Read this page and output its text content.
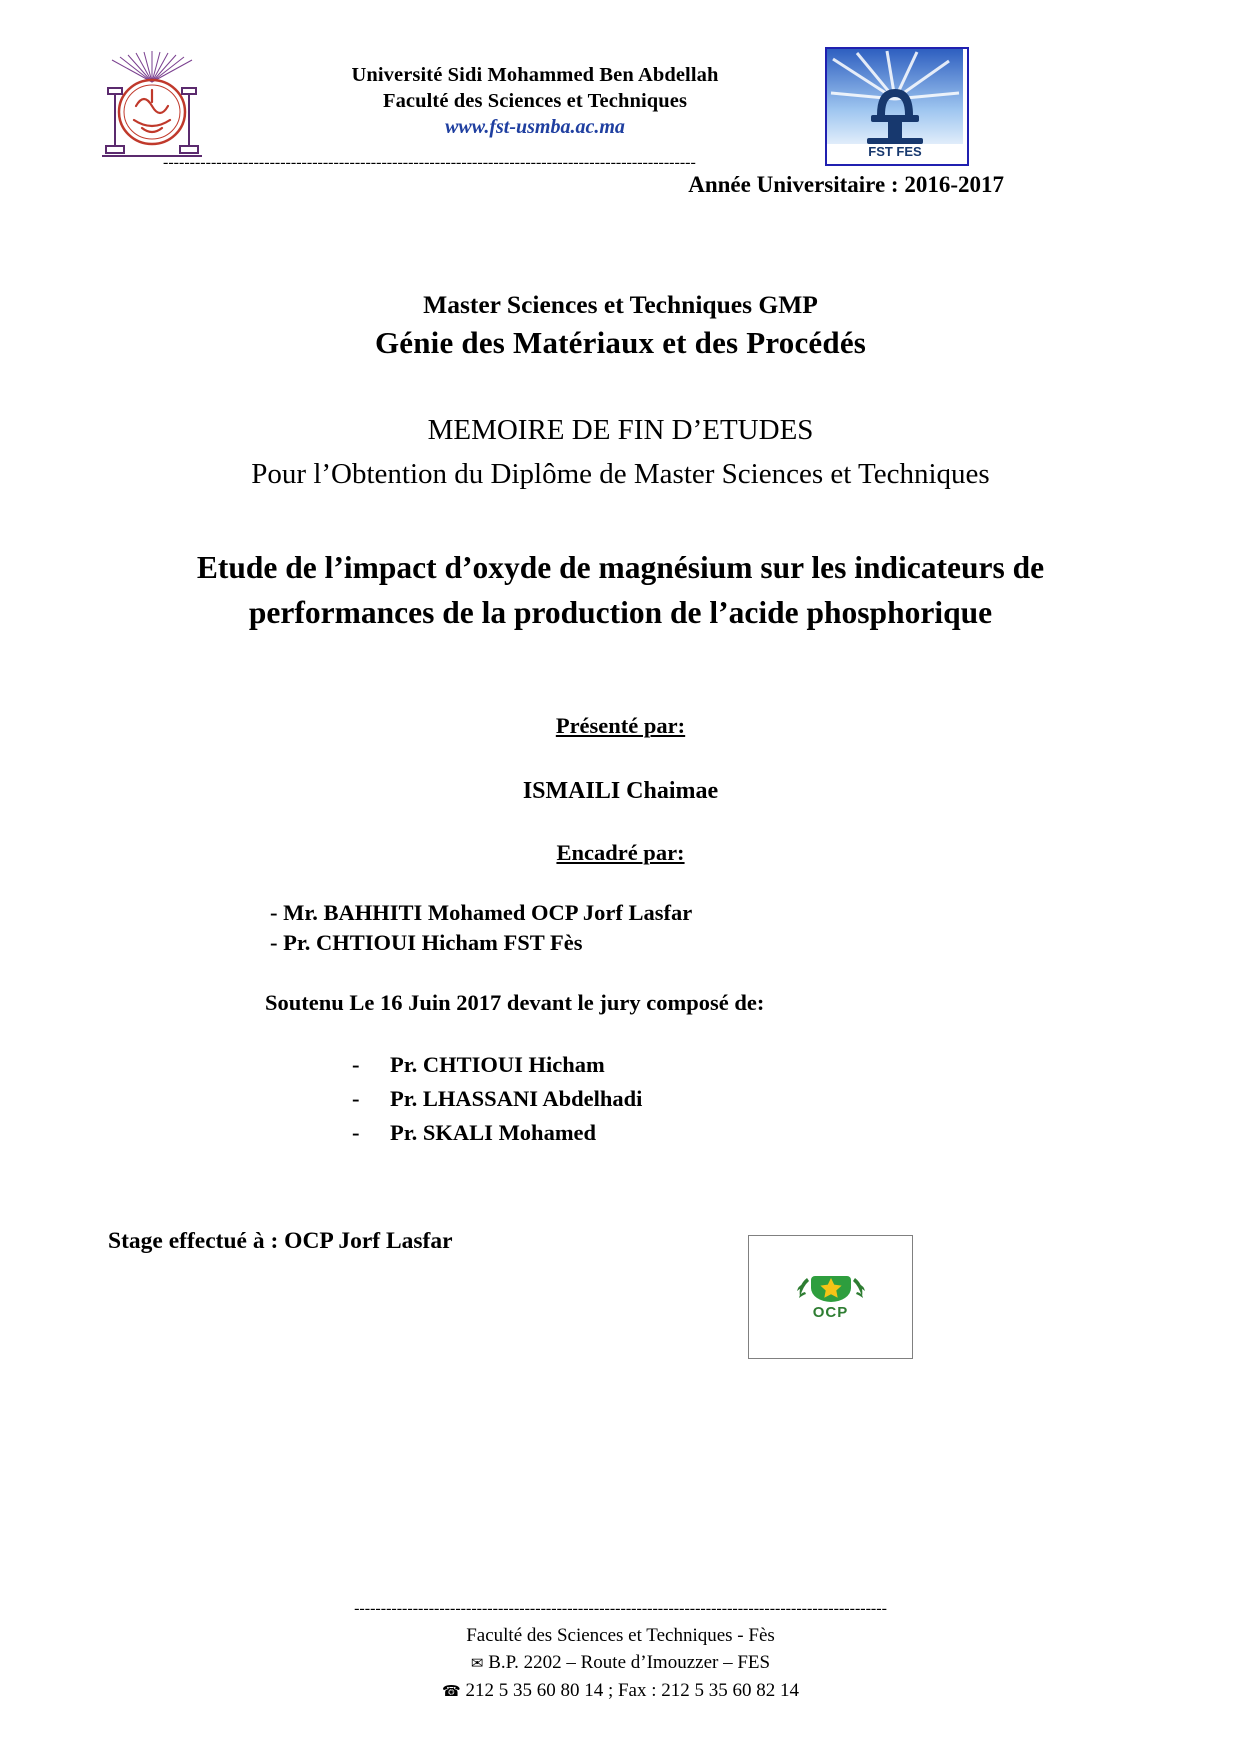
Université Sidi Mohammed Ben Abdellah
Faculté des Sciences et Techniques
www.fst-usmba.ac.ma
FST FES
----------------------------------------------------------------------------------------------------
Année Universitaire : 2016-2017
Master Sciences et Techniques GMP
Génie des Matériaux et des Procédés
MEMOIRE DE FIN D’ETUDES
Pour l’Obtention du Diplôme de Master Sciences et Techniques
Etude de l’impact d’oxyde de magnésium sur les indicateurs de performances de la production de l’acide phosphorique
Présenté par:
ISMAILI Chaimae
Encadré par:
- Mr. BAHHITI Mohamed OCP Jorf Lasfar
- Pr. CHTIOUI Hicham FST Fès
Soutenu Le 16 Juin 2017 devant le jury composé de:
-	Pr. CHTIOUI Hicham
-	Pr. LHASSANI Abdelhadi
-	Pr. SKALI Mohamed
Stage effectué à : OCP Jorf Lasfar
OCP
----------------------------------------------------------------------------------------------------
Faculté des Sciences et Techniques - Fès
✉ B.P. 2202 – Route d’Imouzzer – FES
☎ 212 5 35 60 80 14 ; Fax : 212 5 35 60 82 14
